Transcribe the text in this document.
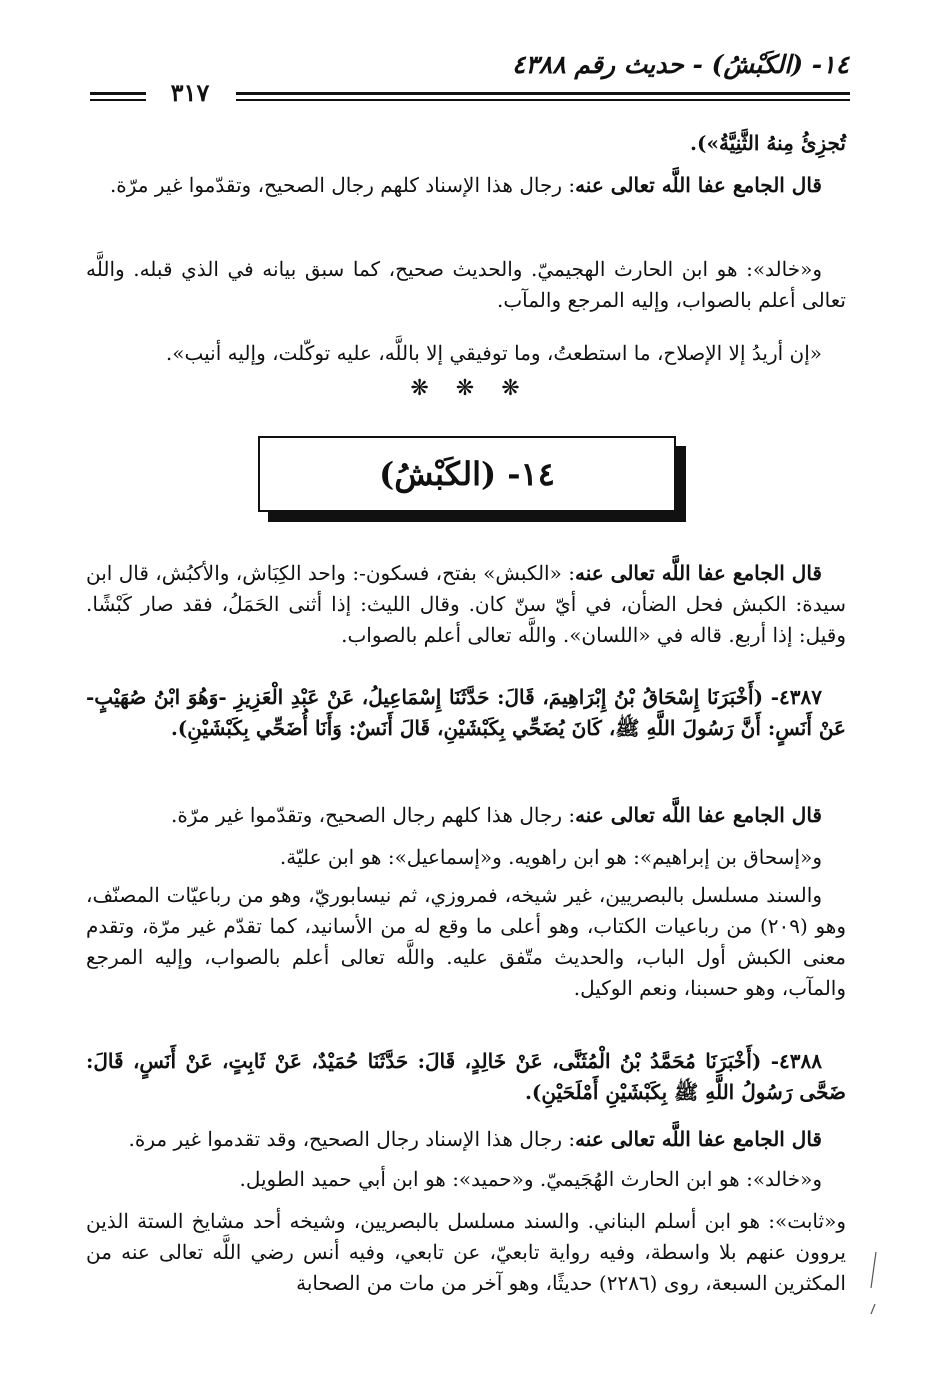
١٤- (الكَبْشُ) - حديث رقم ٤٣٨٨
٣١٧

تُجزِئُ مِنهُ الثَّنِيَّةُ»).

قال الجامع عفا اللَّه تعالى عنه: رجال هذا الإسناد كلهم رجال الصحيح، وتقدّموا غير مرّة.

و«خالد»: هو ابن الحارث الهجيميّ. والحديث صحيح، كما سبق بيانه في الذي قبله. واللَّه تعالى أعلم بالصواب، وإليه المرجع والمآب.

«إن أريدُ إلا الإصلاح، ما استطعتُ، وما توفيقي إلا باللَّه، عليه توكّلت، وإليه أنيب».

❋ ❋ ❋
١٤- (الكَبْشُ)

قال الجامع عفا اللَّه تعالى عنه: «الكبش» بفتح، فسكون-: واحد الكِبَاش، والأكبُش، قال ابن سيدة: الكبش فحل الضأن، في أيّ سنّ كان. وقال الليث: إذا أثنى الحَمَلُ، فقد صار كَبْشًا. وقيل: إذا أربع. قاله في «اللسان». واللَّه تعالى أعلم بالصواب.

٤٣٨٧- (أَخْبَرَنَا إِسْحَاقُ بْنُ إِبْرَاهِيمَ، قَالَ: حَدَّثَنَا إِسْمَاعِيلُ، عَنْ عَبْدِ الْعَزِيزِ -وَهُوَ ابْنُ صُهَيْبٍ- عَنْ أَنَسٍ: أَنَّ رَسُولَ اللَّهِ ﷺ، كَانَ يُضَحِّي بِكَبْشَيْنِ، قَالَ أَنَسٌ: وَأَنَا أُضَحِّي بِكَبْشَيْنِ).

قال الجامع عفا اللَّه تعالى عنه: رجال هذا كلهم رجال الصحيح، وتقدّموا غير مرّة.

و«إسحاق بن إبراهيم»: هو ابن راهويه. و«إسماعيل»: هو ابن عليّة.

والسند مسلسل بالبصريين، غير شيخه، فمروزي، ثم نيسابوريّ، وهو من رباعيّات المصنّف، وهو (٢٠٩) من رباعيات الكتاب، وهو أعلى ما وقع له من الأسانيد، كما تقدّم غير مرّة، وتقدم معنى الكبش أول الباب، والحديث متّفق عليه. واللَّه تعالى أعلم بالصواب، وإليه المرجع والمآب، وهو حسبنا، ونعم الوكيل.

٤٣٨٨- (أَخْبَرَنَا مُحَمَّدُ بْنُ الْمُثَنَّى، عَنْ خَالِدٍ، قَالَ: حَدَّثَنَا حُمَيْدٌ، عَنْ ثَابِتٍ، عَنْ أَنَسٍ، قَالَ: ضَحَّى رَسُولُ اللَّهِ ﷺ بِكَبْشَيْنِ أَمْلَحَيْنِ).

قال الجامع عفا اللَّه تعالى عنه: رجال هذا الإسناد رجال الصحيح، وقد تقدموا غير مرة.

و«خالد»: هو ابن الحارث الهُجَيميّ. و«حميد»: هو ابن أبي حميد الطويل.

و«ثابت»: هو ابن أسلم البناني. والسند مسلسل بالبصريين، وشيخه أحد مشايخ الستة الذين يروون عنهم بلا واسطة، وفيه رواية تابعيّ، عن تابعي، وفيه أنس رضي اللَّه تعالى عنه من المكثرين السبعة، روى (٢٢٨٦) حديثًا، وهو آخر من مات من الصحابة
